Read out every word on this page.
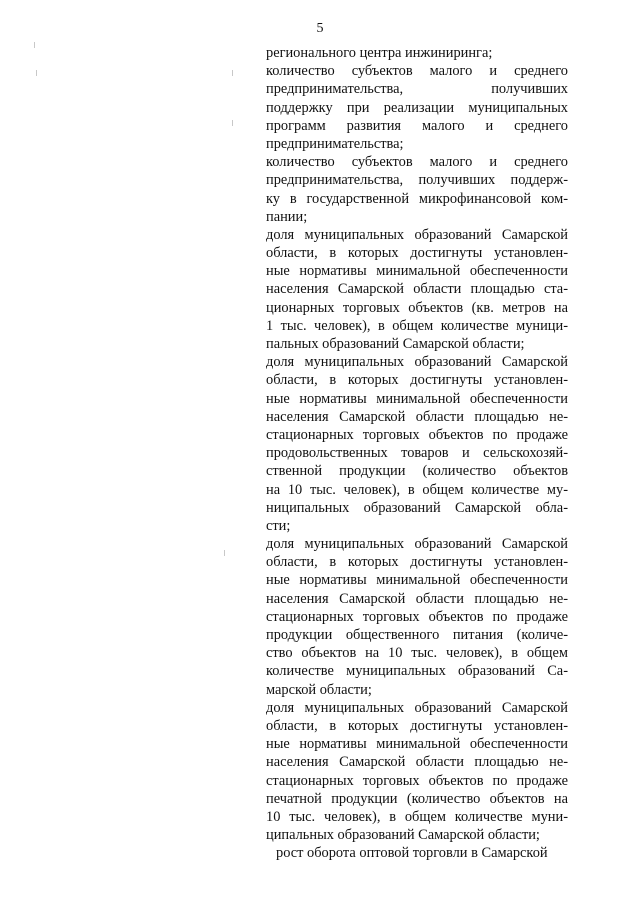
5
регионального центра инжиниринга;
количество субъектов малого и среднего
предпринимательства, получивших
поддержку при реализации муниципальных
программ развития малого и среднего
предпринимательства;
количество субъектов малого и среднего
предпринимательства, получивших поддерж-
ку в государственной микрофинансовой ком-
пании;
доля муниципальных образований Самарской
области, в которых достигнуты установлен-
ные нормативы минимальной обеспеченности
населения Самарской области площадью ста-
ционарных торговых объектов (кв. метров на
1 тыс. человек), в общем количестве муници-
пальных образований Самарской области;
доля муниципальных образований Самарской
области, в которых достигнуты установлен-
ные нормативы минимальной обеспеченности
населения Самарской области площадью не-
стационарных торговых объектов по продаже
продовольственных товаров и сельскохозяй-
ственной продукции (количество объектов
на 10 тыс. человек), в общем количестве му-
ниципальных образований Самарской обла-
сти;
доля муниципальных образований Самарской
области, в которых достигнуты установлен-
ные нормативы минимальной обеспеченности
населения Самарской области площадью не-
стационарных торговых объектов по продаже
продукции общественного питания (количе-
ство объектов на 10 тыс. человек), в общем
количестве муниципальных образований Са-
марской области;
доля муниципальных образований Самарской
области, в которых достигнуты установлен-
ные нормативы минимальной обеспеченности
населения Самарской области площадью не-
стационарных торговых объектов по продаже
печатной продукции (количество объектов на
10 тыс. человек), в общем количестве муни-
ципальных образований Самарской области;
рост оборота оптовой торговли в Самарской
